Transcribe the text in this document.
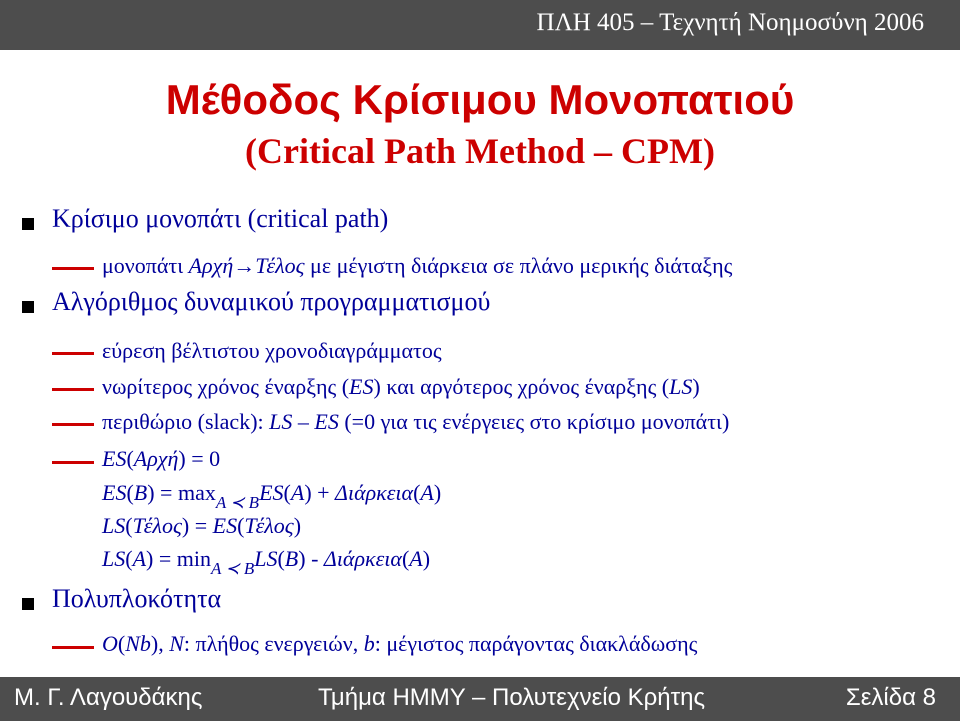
ΠΛΗ 405 – Τεχνητή Νοημοσύνη 2006
Μέθοδος Κρίσιμου Μονοπατιού
(Critical Path Method – CPM)
Κρίσιμο μονοπάτι (critical path)
μονοπάτι Αρχή→Τέλος με μέγιστη διάρκεια σε πλάνο μερικής διάταξης
Αλγόριθμος δυναμικού προγραμματισμού
εύρεση βέλτιστου χρονοδιαγράμματος
νωρίτερος χρόνος έναρξης (ES) και αργότερος χρόνος έναρξης (LS)
περιθώριο (slack): LS – ES (=0 για τις ενέργειες στο κρίσιμο μονοπάτι)
ES(Αρχή) = 0
$ES(B) = \max_{A ≺ B}ES(A) + \Delta\iota ά\rho\kappa\varepsilon\iota\alpha(A)$
LS(Τέλος) = ES(Τέλος)
$LS(A) = \min_{A ≺ B}LS(B) - \Delta\iota ά\rho\kappa\varepsilon\iota\alpha(A)$
Πολυπλοκότητα
O(Nb), N: πλήθος ενεργειών, b: μέγιστος παράγοντας διακλάδωσης
Μ. Γ. Λαγουδάκης	Τμήμα ΗΜΜΥ – Πολυτεχνείο Κρήτης	Σελίδα 8
